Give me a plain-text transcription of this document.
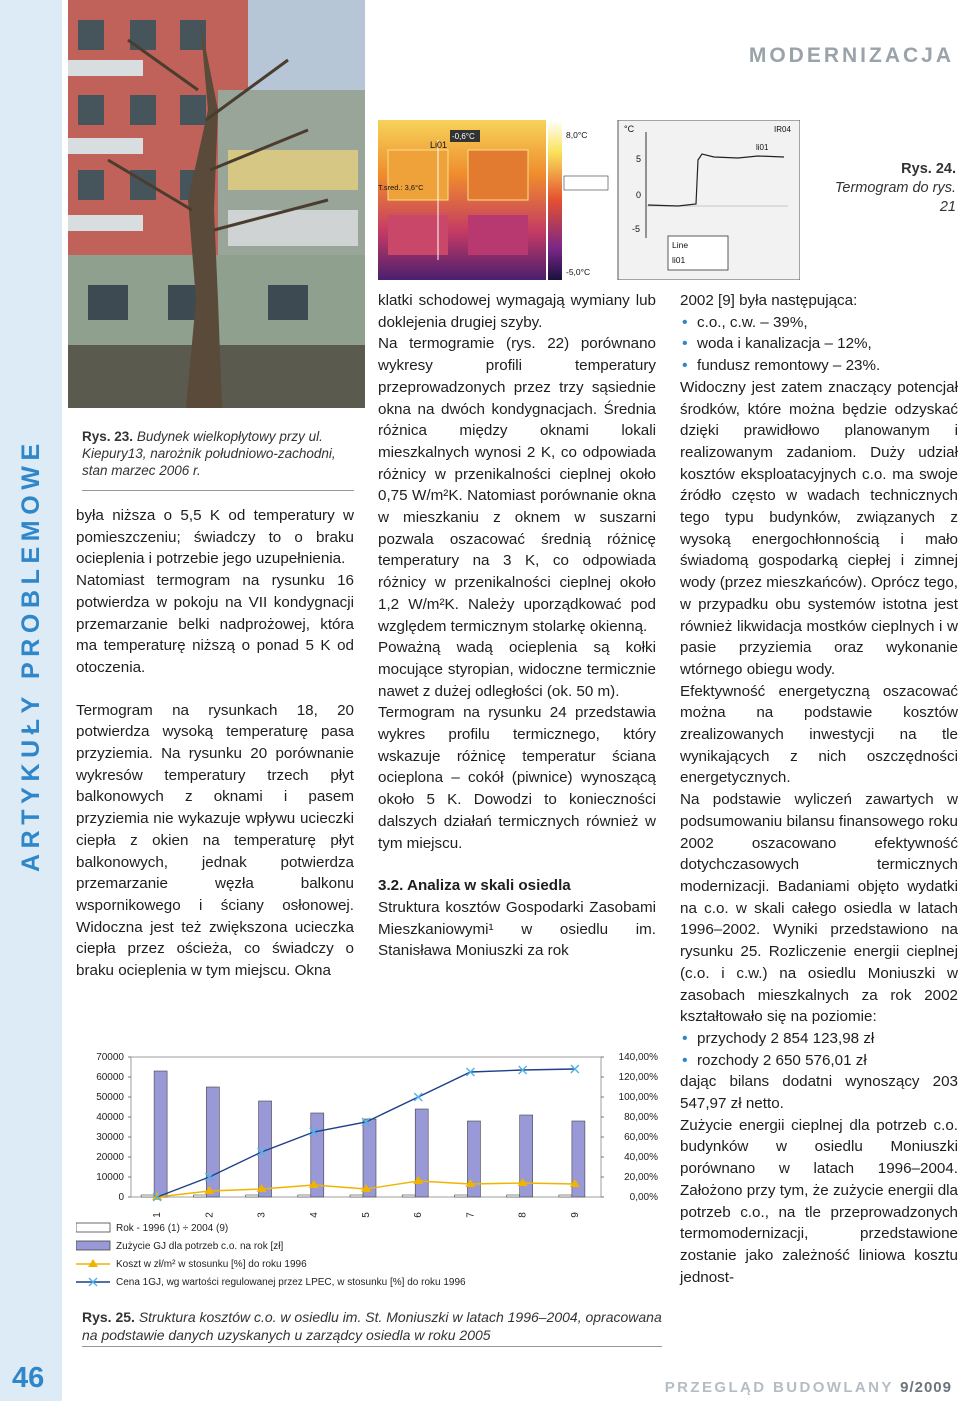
ARTYKUŁY PROBLEMOWE
46
MODERNIZACJA
Li01
-0,6°C
T.sred.: 3,6°C
8,0°C
-5,0°C
°C	IR04
li01
5
0
-5
Line
li01
Rys. 24.
Termogram do rys. 21
Rys. 23. Budynek wielkopłytowy przy ul. Kiepury13, narożnik południowo-zachodni, stan marzec 2006 r.

była niższa o 5,5 K od temperatury w pomieszczeniu; świadczy to o braku ocieplenia i potrzebie jego uzupełnienia.

Natomiast termogram na rysunku 16 potwierdza w pokoju na VII kondygnacji przemarzanie belki nadprożowej, która ma temperaturę niższą o ponad 5 K od otoczenia.

Termogram na rysunkach 18, 20 potwierdza wysoką temperaturę pasa przyziemia. Na rysunku 20 porównanie wykresów temperatury trzech płyt balkonowych z oknami i pasem przyziemia nie wykazuje wpływu ucieczki ciepła z okien na temperaturę płyt balkonowych, jednak potwierdza przemarzanie węzła balkonu wspornikowego i ściany osłonowej. Widoczna jest też zwiększona ucieczka ciepła przez ościeża, co świadczy o braku ocieplenia w tym miejscu. Okna

klatki schodowej wymagają wymiany lub doklejenia drugiej szyby.

Na termogramie (rys. 22) porównano wykresy profili temperatury przeprowadzonych przez trzy sąsiednie okna na dwóch kondygnacjach. Średnia różnica między oknami lokali mieszkalnych wynosi 2 K, co odpowiada różnicy w przenikalności cieplnej około 0,75 W/m²K. Natomiast porównanie okna w mieszkaniu z oknem w suszarni pozwala oszacować średnią różnicę temperatury na 3 K, co odpowiada różnicy w przenikalności cieplnej około 1,2 W/m²K. Należy uporządkować pod względem termicznym stolarkę okienną.

Poważną wadą ocieplenia są kołki mocujące styropian, widoczne termicznie nawet z dużej odległości (ok. 50 m).

Termogram na rysunku 24 przedstawia wykres profilu termicznego, który wskazuje różnicę temperatur ściana ocieplona – cokół (piwnice) wynoszącą około 5 K. Dowodzi to konieczności dalszych działań termicznych również w tym miejscu.

3.2. Analiza w skali osiedla

Struktura kosztów Gospodarki Zasobami Mieszkaniowymi¹ w osiedlu im. Stanisława Moniuszki za rok

2002 [9] była następująca:

• c.o., c.w. – 39%,
• woda i kanalizacja – 12%,
• fundusz remontowy – 23%.

Widoczny jest zatem znaczący potencjał środków, które można będzie odzyskać dzięki prawidłowo planowanym i realizowanym zadaniom. Duży udział kosztów eksploatacyjnych c.o. ma swoje źródło często w wadach technicznych tego typu budynków, związanych z wysoką energochłonnością i mało świadomą gospodarką ciepłej i zimnej wody (przez mieszkańców). Oprócz tego, w przypadku obu systemów istotna jest również likwidacja mostków cieplnych i w pasie przyziemia oraz wykonanie wtórnego obiegu wody.

Efektywność energetyczną oszacować można na podstawie kosztów zrealizowanych inwestycji na tle wynikających z nich oszczędności energetycznych.

Na podstawie wyliczeń zawartych w podsumowaniu bilansu finansowego roku 2002 oszacowano efektywność dotychczasowych termicznych modernizacji. Badaniami objęto wydatki na c.o. w skali całego osiedla w latach 1996–2002. Wyniki przedstawiono na rysunku 25. Rozliczenie energii cieplnej (c.o. i c.w.) na osiedlu Moniuszki w zasobach mieszkalnych za rok 2002 kształtowało się na poziomie:

• przychody 2 854 123,98 zł
• rozchody 2 650 576,01 zł

dając bilans dodatni wynoszący 203 547,97 zł netto.

Zużycie energii cieplnej dla potrzeb c.o. budynków w osiedlu Moniuszki porównano w latach 1996–2004. Założono przy tym, że zużycie energii dla potrzeb c.o., na tle przeprowadzonych termomodernizacji, przedstawione zostanie jako zależność liniowa kosztu jednost-

0
10000
20000
30000
40000
50000
60000
70000
0,00%
20,00%
40,00%
60,00%
80,00%
100,00%
120,00%
140,00%
1	2	3	4	5	6	7	8	9
Rok - 1996 (1) ÷ 2004 (9)
Zużycie GJ dla potrzeb c.o. na rok [zł]
Koszt w zł/m² w stosunku [%] do roku 1996
Cena 1GJ, wg wartości regulowanej przez LPEC, w stosunku [%] do roku 1996
Rys. 25. Struktura kosztów c.o. w osiedlu im. St. Moniuszki w latach 1996–2004, opracowana na podstawie danych uzyskanych u zarządcy osiedla w roku 2005
PRZEGLĄD BUDOWLANY 9/2009
